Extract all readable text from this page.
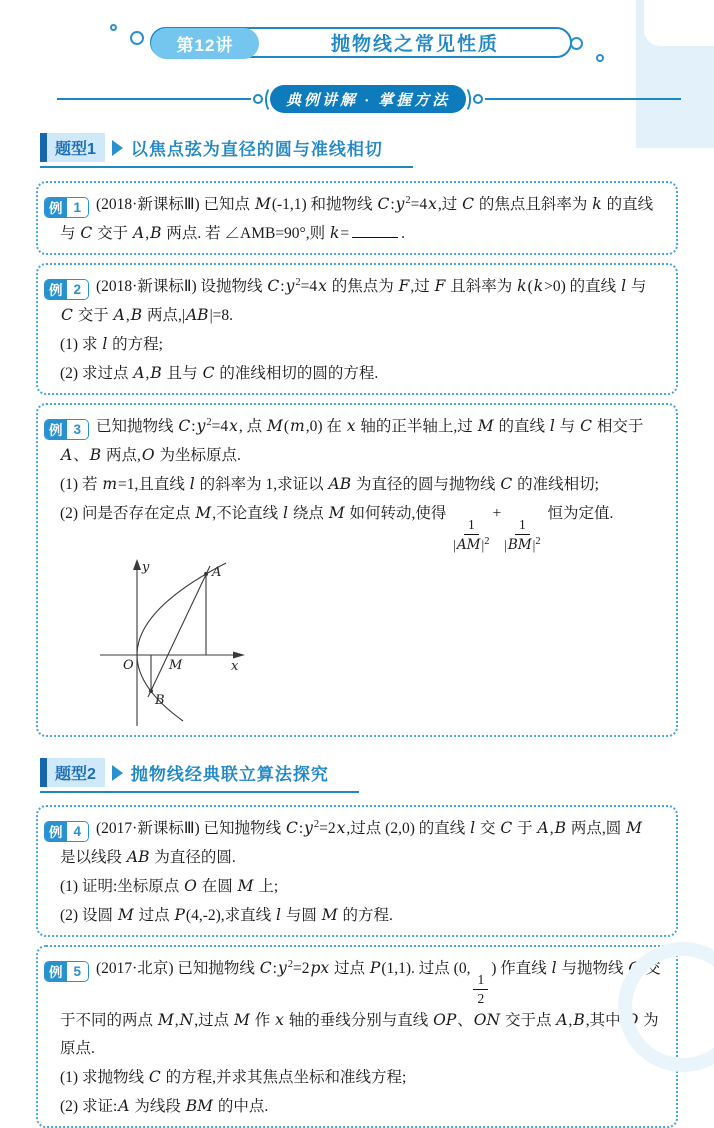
第12讲	抛物线之常见性质
典例讲解 · 掌握方法
题型1	以焦点弦为直径的圆与准线相切

例 1 (2018·新课标Ⅲ) 已知点 M(-1,1) 和抛物线 $C:y^2=4x$,过 C 的焦点且斜率为 k 的直线与 C 交于 A,B 两点. 若 ∠AMB=90°,则 k=	.

例 2 (2018·新课标Ⅱ) 设抛物线 $C:y^2=4x$ 的焦点为 F,过 F 且斜率为 k(k>0) 的直线 l 与 C 交于 A,B 两点,|AB|=8.

(1) 求 l 的方程;

(2) 求过点 A,B 且与 C 的准线相切的圆的方程.

例 3 已知抛物线 $C:y^2=4x$, 点 M(m,0) 在 x 轴的正半轴上,过 M 的直线 l 与 C 相交于 A、B 两点,O 为坐标原点.

(1) 若 m=1,且直线 l 的斜率为 1,求证以 AB 为直径的圆与抛物线 C 的准线相切;

(2) 问是否存在定点 M,不论直线 l 绕点 M 如何转动,使得
$\frac{1}{|AM|^2}$
+
$\frac{1}{|BM|^2}$
恒为定值.

y
x
O	M
A
B
题型2	抛物线经典联立算法探究

例 4 (2017·新课标Ⅲ) 已知抛物线 $C:y^2=2x$,过点 (2,0) 的直线 l 交 C 于 A,B 两点,圆 M 是以线段 AB 为直径的圆.

(1) 证明:坐标原点 O 在圆 M 上;

(2) 设圆 M 过点 P(4,-2),求直线 l 与圆 M 的方程.

例 5 (2017·北京) 已知抛物线 $C:y^2=2px$ 过点 P(1,1). 过点 (0,
$\frac{1}{2}$
) 作直线 l 与抛物线 C 交于不同的两点 M,N,过点 M 作 x 轴的垂线分别与直线 OP、ON 交于点 A,B,其中 O 为原点.

(1) 求抛物线 C 的方程,并求其焦点坐标和准线方程;

(2) 求证:A 为线段 BM 的中点.
